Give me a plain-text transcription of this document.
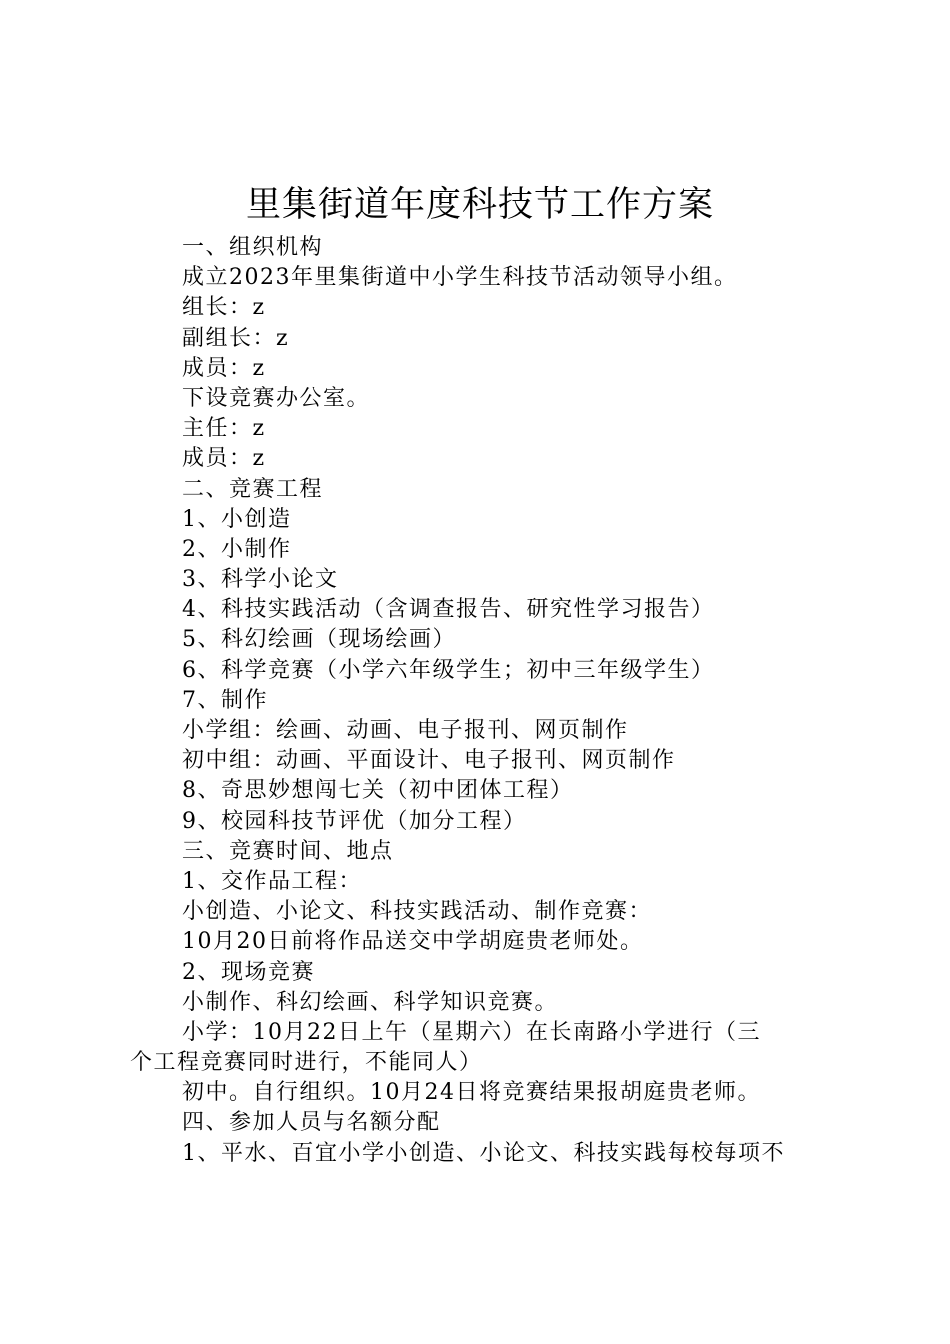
里集街道年度科技节工作方案

一、组织机构

成立2023年里集街道中小学生科技节活动领导小组。

组长：z

副组长：z

成员：z

下设竞赛办公室。

主任：z

成员：z

二、竞赛工程

1、小创造

2、小制作

3、科学小论文

4、科技实践活动（含调查报告、研究性学习报告）

5、科幻绘画（现场绘画）

6、科学竞赛（小学六年级学生；初中三年级学生）

7、制作

小学组：绘画、动画、电子报刊、网页制作

初中组：动画、平面设计、电子报刊、网页制作

8、奇思妙想闯七关（初中团体工程）

9、校园科技节评优（加分工程）

三、竞赛时间、地点

1、交作品工程：

小创造、小论文、科技实践活动、制作竞赛：

10月20日前将作品送交中学胡庭贵老师处。

2、现场竞赛

小制作、科幻绘画、科学知识竞赛。

小学：10月22日上午（星期六）在长南路小学进行（三

个工程竞赛同时进行，不能同人）

初中。自行组织。10月24日将竞赛结果报胡庭贵老师。

四、参加人员与名额分配

1、平水、百宜小学小创造、小论文、科技实践每校每项不
